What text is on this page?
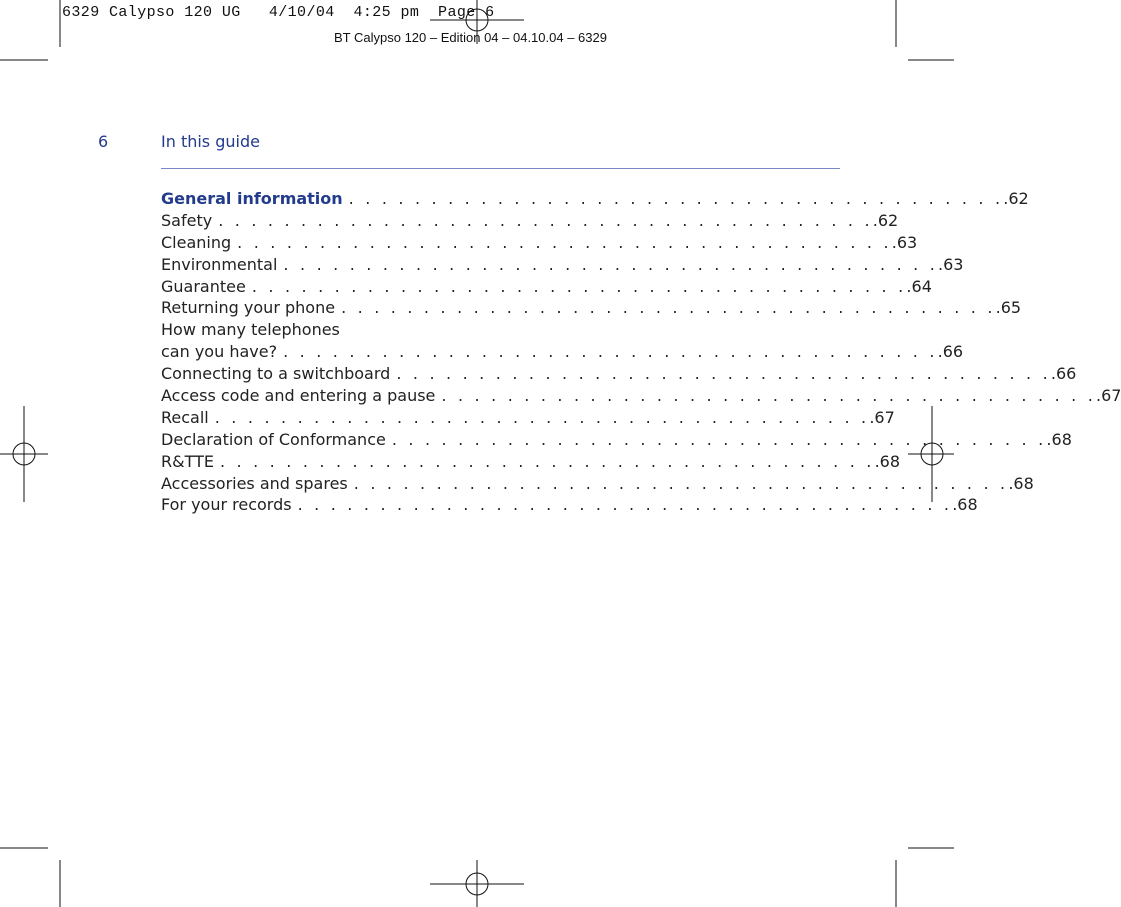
6329 Calypso 120 UG   4/10/04  4:25 pm  Page 6
BT Calypso 120 – Edition 04 – 04.10.04 – 6329
6	In this guide
General information . . . . . . . . . . . . . . . . . . . . . . . . . . . . . . . . . . . . . . . . .62
Safety . . . . . . . . . . . . . . . . . . . . . . . . . . . . . . . . . . . . . . . . .62
Cleaning . . . . . . . . . . . . . . . . . . . . . . . . . . . . . . . . . . . . . . . . .63
Environmental . . . . . . . . . . . . . . . . . . . . . . . . . . . . . . . . . . . . . . . . .63
Guarantee . . . . . . . . . . . . . . . . . . . . . . . . . . . . . . . . . . . . . . . . .64
Returning your phone . . . . . . . . . . . . . . . . . . . . . . . . . . . . . . . . . . . . . . . . .65
How many telephones
can you have? . . . . . . . . . . . . . . . . . . . . . . . . . . . . . . . . . . . . . . . . .66
Connecting to a switchboard . . . . . . . . . . . . . . . . . . . . . . . . . . . . . . . . . . . . . . . . .66
Access code and entering a pause . . . . . . . . . . . . . . . . . . . . . . . . . . . . . . . . . . . . . . . . .67
Recall . . . . . . . . . . . . . . . . . . . . . . . . . . . . . . . . . . . . . . . . .67
Declaration of Conformance . . . . . . . . . . . . . . . . . . . . . . . . . . . . . . . . . . . . . . . . .68
R&TTE . . . . . . . . . . . . . . . . . . . . . . . . . . . . . . . . . . . . . . . . .68
Accessories and spares . . . . . . . . . . . . . . . . . . . . . . . . . . . . . . . . . . . . . . . . .68
For your records . . . . . . . . . . . . . . . . . . . . . . . . . . . . . . . . . . . . . . . . .68
